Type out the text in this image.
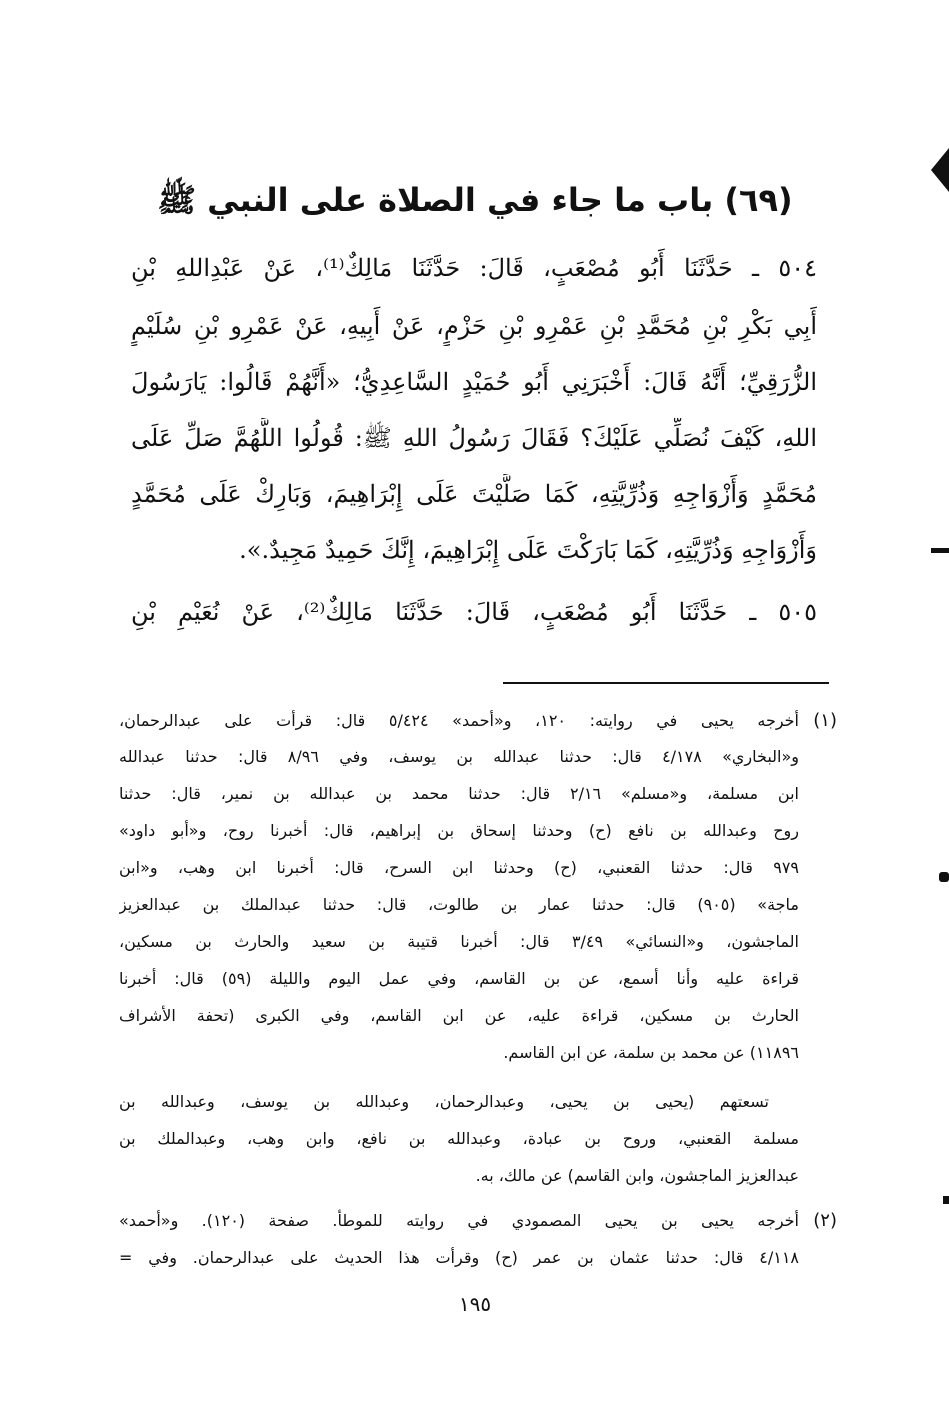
(٦٩) باب ما جاء في الصلاة على النبي ﷺ
٥٠٤ ـ حَدَّثَنَا أَبُو مُصْعَبٍ، قَالَ: حَدَّثَنَا مَالِكٌ⁽¹⁾، عَنْ عَبْدِاللهِ بْنِ
أَبِي بَكْرِ بْنِ مُحَمَّدِ بْنِ عَمْرِو بْنِ حَزْمٍ، عَنْ أَبِيهِ، عَنْ عَمْرِو بْنِ سُلَيْمٍ
الزُّرَقِيِّ؛ أَنَّهُ قَالَ: أَخْبَرَنِي أَبُو حُمَيْدٍ السَّاعِدِيُّ؛ «أَنَّهُمْ قَالُوا: يَارَسُولَ
اللهِ، كَيْفَ نُصَلِّي عَلَيْكَ؟ فَقَالَ رَسُولُ اللهِ ﷺ: قُولُوا اللَّهُمَّ صَلِّ عَلَى
مُحَمَّدٍ وَأَزْوَاجِهِ وَذُرِّيَّتِهِ، كَمَا صَلَّيْتَ عَلَى إِبْرَاهِيمَ، وَبَارِكْ عَلَى مُحَمَّدٍ
وَأَزْوَاجِهِ وَذُرِّيَّتِهِ، كَمَا بَارَكْتَ عَلَى إِبْرَاهِيمَ، إِنَّكَ حَمِيدٌ مَجِيدٌ.».
٥٠٥ ـ حَدَّثَنَا أَبُو مُصْعَبٍ، قَالَ: حَدَّثَنَا مَالِكٌ⁽²⁾، عَنْ نُعَيْمِ بْنِ
(١)
أخرجه يحيى في روايته: ١٢٠، و«أحمد» ٥/٤٢٤ قال: قرأت على عبدالرحمان،
و«البخاري» ٤/١٧٨ قال: حدثنا عبدالله بن يوسف، وفي ٨/٩٦ قال: حدثنا عبدالله
ابن مسلمة، و«مسلم» ٢/١٦ قال: حدثنا محمد بن عبدالله بن نمير، قال: حدثنا
روح وعبدالله بن نافع (ح) وحدثنا إسحاق بن إبراهيم، قال: أخبرنا روح، و«أبو داود»
٩٧٩ قال: حدثنا القعنبي، (ح) وحدثنا ابن السرح، قال: أخبرنا ابن وهب، و«ابن
ماجة» (٩٠٥) قال: حدثنا عمار بن طالوت، قال: حدثنا عبدالملك بن عبدالعزيز
الماجشون، و«النسائي» ٣/٤٩ قال: أخبرنا قتيبة بن سعيد والحارث بن مسكين،
قراءة عليه وأنا أسمع، عن بن القاسم، وفي عمل اليوم والليلة (٥٩) قال: أخبرنا
الحارث بن مسكين، قراءة عليه، عن ابن القاسم، وفي الكبرى (تحفة الأشراف
١١٨٩٦) عن محمد بن سلمة، عن ابن القاسم.
تسعتهم (يحيى بن يحيى، وعبدالرحمان، وعبدالله بن يوسف، وعبدالله بن
مسلمة القعنبي، وروح بن عبادة، وعبدالله بن نافع، وابن وهب، وعبدالملك بن
عبدالعزيز الماجشون، وابن القاسم) عن مالك، به.
(٢)
أخرجه يحيى بن يحيى المصمودي في روايته للموطأ. صفحة (١٢٠). و«أحمد»
٤/١١٨ قال: حدثنا عثمان بن عمر (ح) وقرأت هذا الحديث على عبدالرحمان. وفي =
١٩٥
